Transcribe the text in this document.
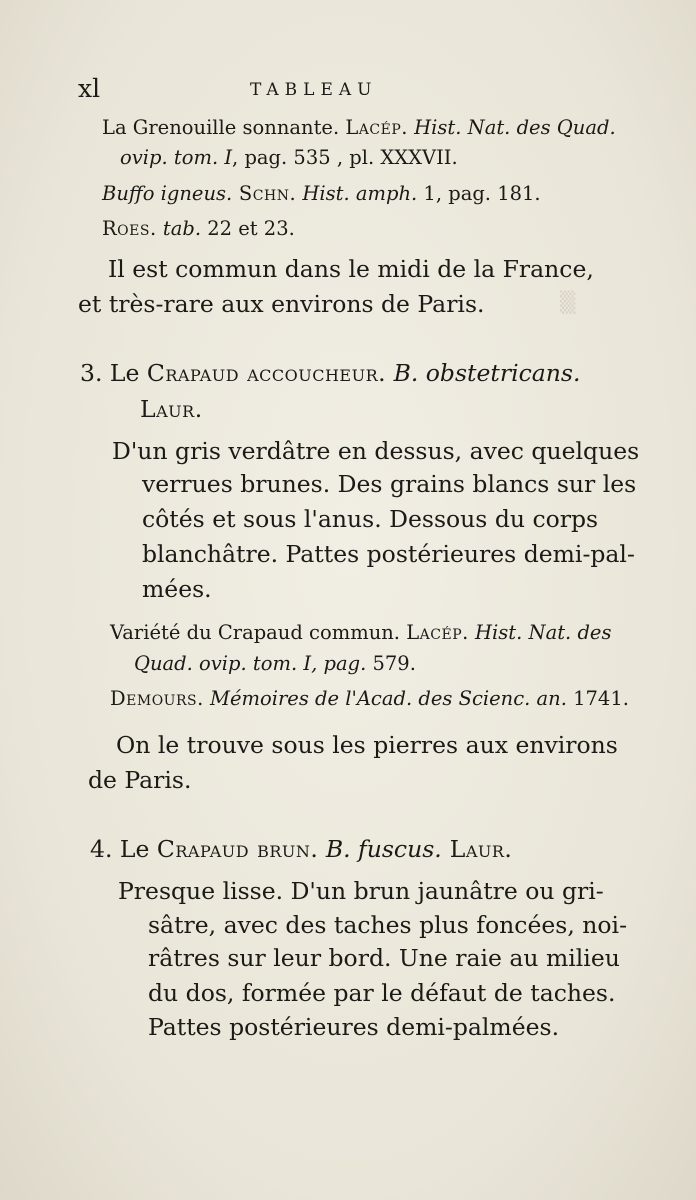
▒
xl	TABLEAU
La Grenouille sonnante. Lacép. Hist. Nat. des Quad.
ovip. tom. I, pag. 535 , pl. XXXVII.
Buffo igneus. Schn. Hist. amph. 1, pag. 181.
Roes. tab. 22 et 23.
Il est commun dans le midi de la France,
et très-rare aux environs de Paris.
3. Le Crapaud accoucheur. B. obstetricans.
Laur.
D'un gris verdâtre en dessus, avec quelques
verrues brunes. Des grains blancs sur les
côtés et sous l'anus. Dessous du corps
blanchâtre. Pattes postérieures demi-pal-
mées.
Variété du Crapaud commun. Lacép. Hist. Nat. des
Quad. ovip. tom. I, pag. 579.
Demours. Mémoires de l'Acad. des Scienc. an. 1741.
On le trouve sous les pierres aux environs
de Paris.
4. Le Crapaud brun. B. fuscus. Laur.
Presque lisse. D'un brun jaunâtre ou gri-
sâtre, avec des taches plus foncées, noi-
râtres sur leur bord. Une raie au milieu
du dos, formée par le défaut de taches.
Pattes postérieures demi-palmées.
